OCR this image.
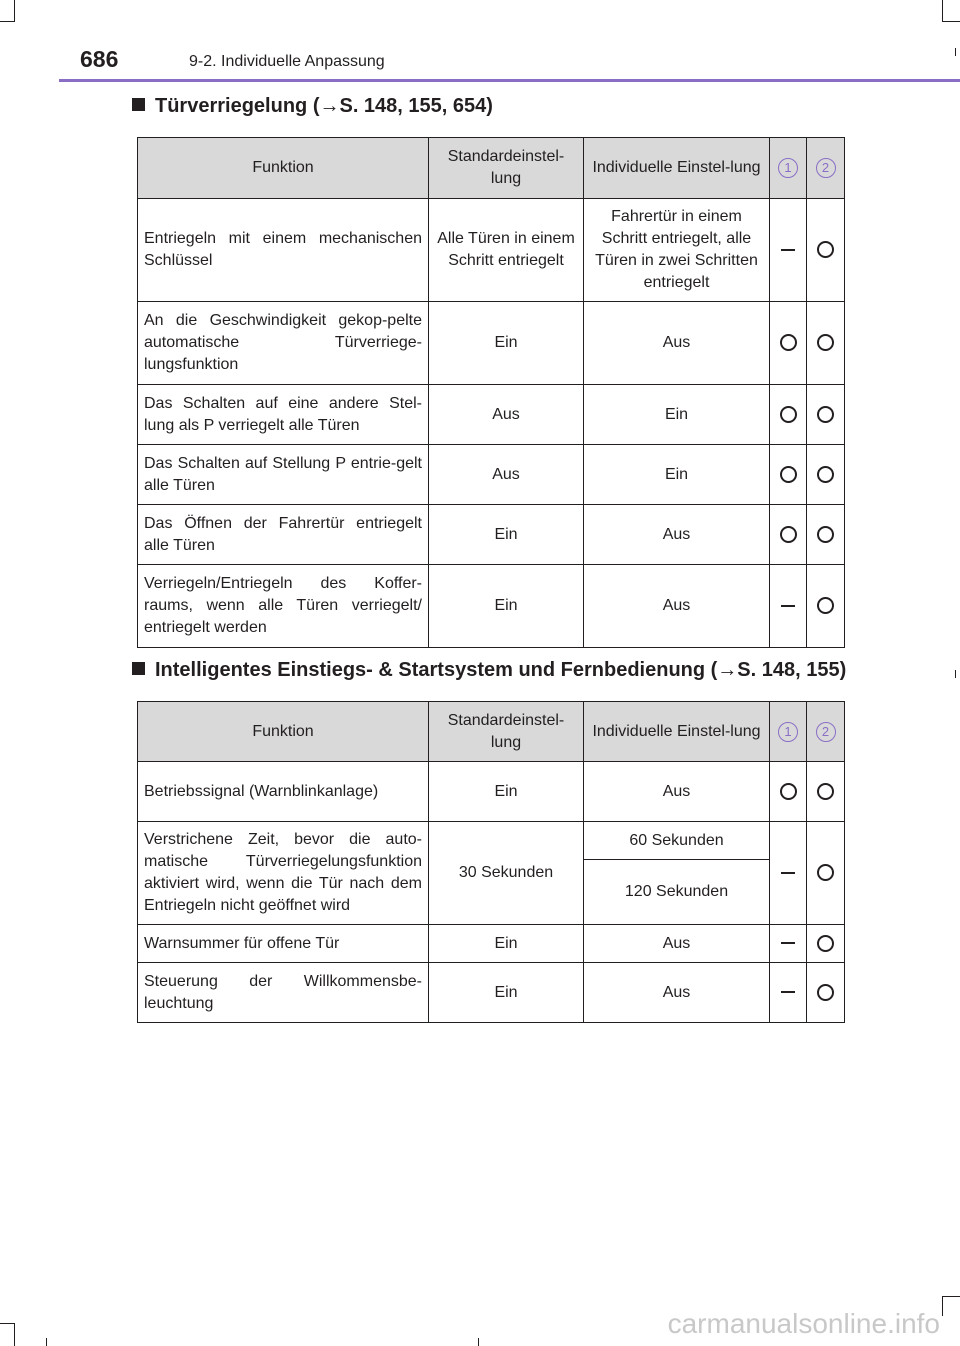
686	9-2. Individuelle Anpassung
Türverriegelung (→S. 148, 155, 654)
Funktion	Standardeinstel-lung	Individuelle Einstel-lung	1	2
Entriegeln mit einem mechanischen Schlüssel	Alle Türen in einem Schritt entriegelt	Fahrertür in einem Schritt entriegelt, alle Türen in zwei Schritten entriegelt		
An die Geschwindigkeit gekop-pelte automatische Türverriege-lungsfunktion	Ein	Aus		
Das Schalten auf eine andere Stel-lung als P verriegelt alle Türen	Aus	Ein		
Das Schalten auf Stellung P entrie-gelt alle Türen	Aus	Ein		
Das Öffnen der Fahrertür entriegelt alle Türen	Ein	Aus		
Verriegeln/Entriegeln des Koffer-raums, wenn alle Türen verriegelt/ entriegelt werden	Ein	Aus		
Intelligentes Einstiegs- & Startsystem und Fernbedienung (→S. 148, 155)
Funktion	Standardeinstel-lung	Individuelle Einstel-lung	1	2
Betriebssignal (Warnblinkanlage)	Ein	Aus		
Verstrichene Zeit, bevor die auto-matische Türverriegelungsfunktion aktiviert wird, wenn die Tür nach dem Entriegeln nicht geöffnet wird	30 Sekunden	60 Sekunden		
		120 Sekunden		
Warnsummer für offene Tür	Ein	Aus		
Steuerung der Willkommensbe-leuchtung	Ein	Aus		
carmanualsonline.info
